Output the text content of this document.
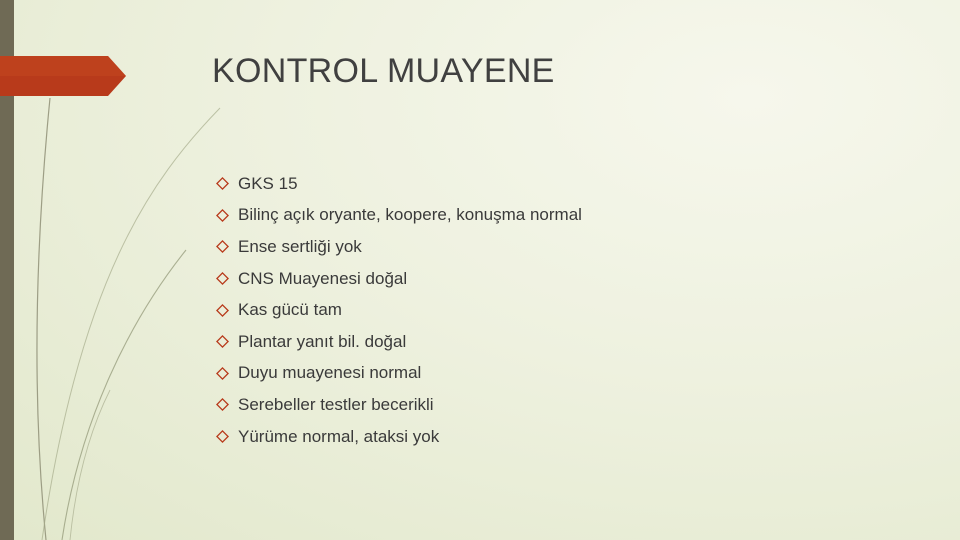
KONTROL MUAYENE
GKS 15
Bilinç açık oryante, koopere, konuşma normal
Ense sertliği yok
CNS Muayenesi doğal
Kas gücü tam
Plantar yanıt bil. doğal
Duyu muayenesi normal
Serebeller testler becerikli
Yürüme normal, ataksi yok
